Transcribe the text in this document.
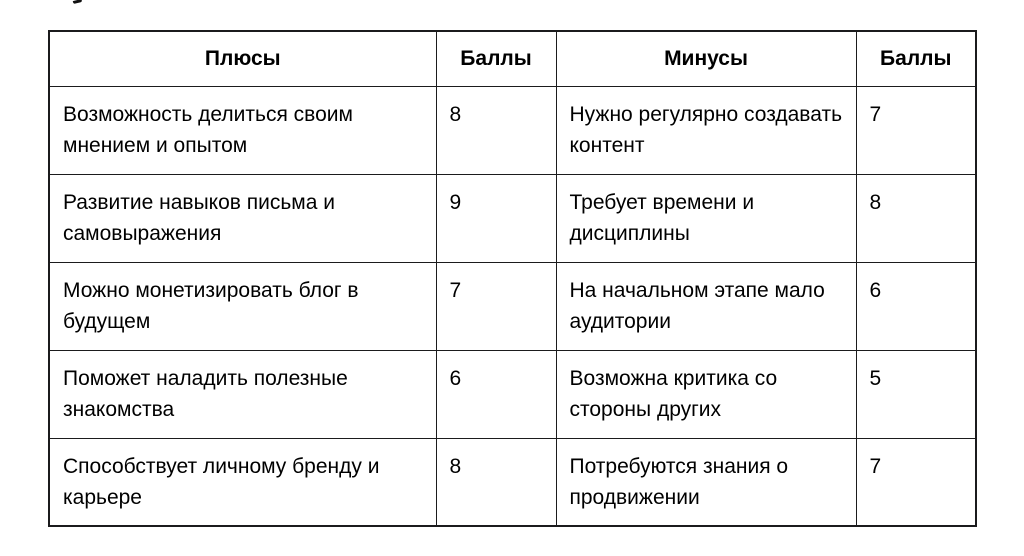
Плюсы	Баллы	Минусы	Баллы
Возможность делиться своим мнением и опытом	8	Нужно регулярно создавать контент	7
Развитие навыков письма и самовыражения	9	Требует времени и дисциплины	8
Можно монетизировать блог в будущем	7	На начальном этапе мало аудитории	6
Поможет наладить полезные знакомства	6	Возможна критика со стороны других	5
Способствует личному бренду и карьере	8	Потребуются знания о продвижении	7
